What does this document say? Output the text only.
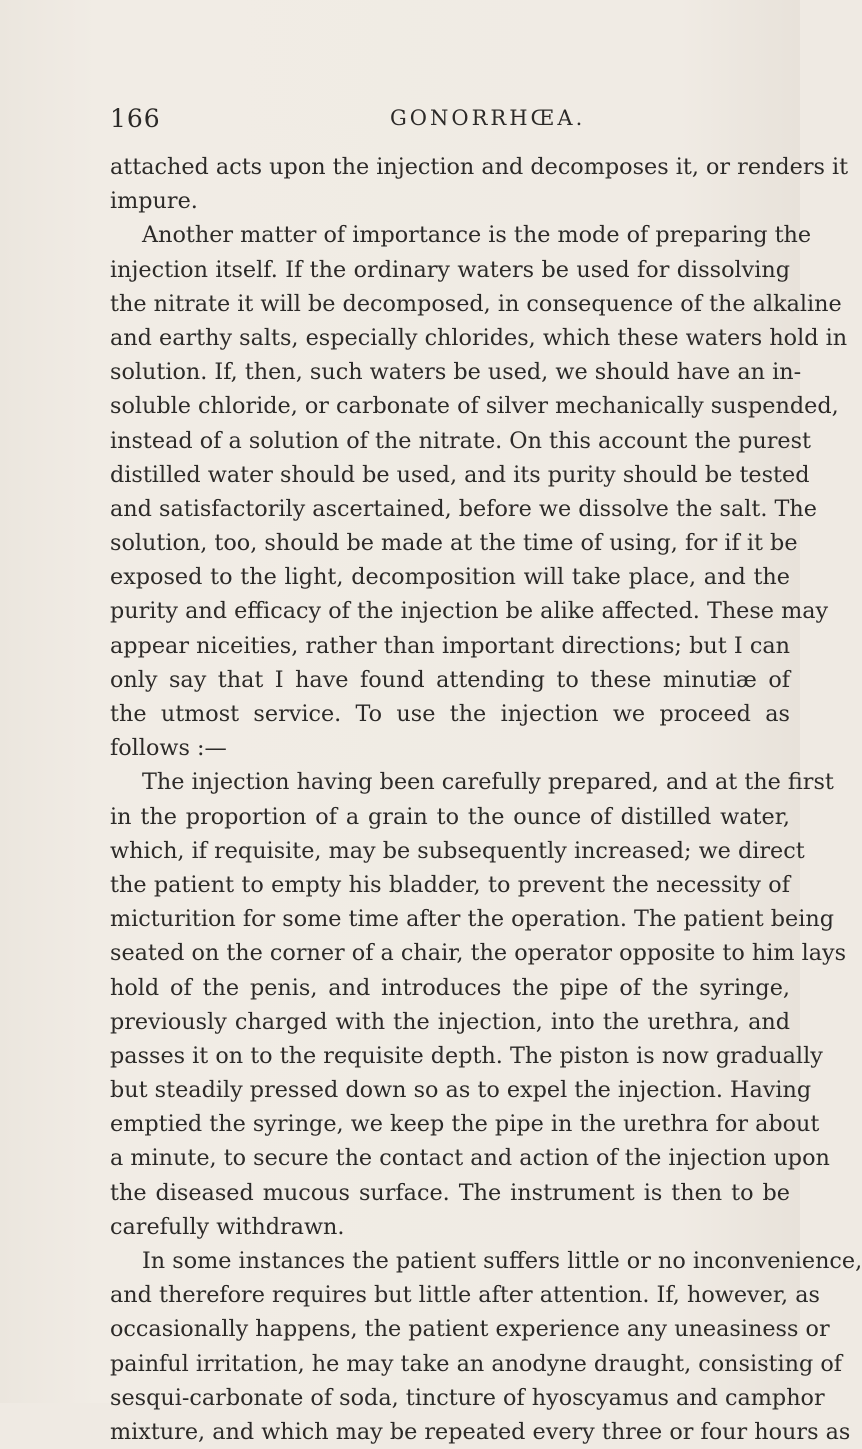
166	GONORRHŒA.
attached acts upon the injection and decomposes it, or renders it
impure.
Another matter of importance is the mode of preparing the
injection itself. If the ordinary waters be used for dissolving
the nitrate it will be decomposed, in consequence of the alkaline
and earthy salts, especially chlorides, which these waters hold in
solution. If, then, such waters be used, we should have an in-
soluble chloride, or carbonate of silver mechanically suspended,
instead of a solution of the nitrate. On this account the purest
distilled water should be used, and its purity should be tested
and satisfactorily ascertained, before we dissolve the salt. The
solution, too, should be made at the time of using, for if it be
exposed to the light, decomposition will take place, and the
purity and efficacy of the injection be alike affected. These may
appear niceities, rather than important directions; but I can
only say that I have found attending to these minutiæ of
the utmost service. To use the injection we proceed as
follows :—
The injection having been carefully prepared, and at the first
in the proportion of a grain to the ounce of distilled water,
which, if requisite, may be subsequently increased; we direct
the patient to empty his bladder, to prevent the necessity of
micturition for some time after the operation. The patient being
seated on the corner of a chair, the operator opposite to him lays
hold of the penis, and introduces the pipe of the syringe,
previously charged with the injection, into the urethra, and
passes it on to the requisite depth. The piston is now gradually
but steadily pressed down so as to expel the injection. Having
emptied the syringe, we keep the pipe in the urethra for about
a minute, to secure the contact and action of the injection upon
the diseased mucous surface. The instrument is then to be
carefully withdrawn.
In some instances the patient suffers little or no inconvenience,
and therefore requires but little after attention. If, however, as
occasionally happens, the patient experience any uneasiness or
painful irritation, he may take an anodyne draught, consisting of
sesqui-carbonate of soda, tincture of hyoscyamus and camphor
mixture, and which may be repeated every three or four hours as
